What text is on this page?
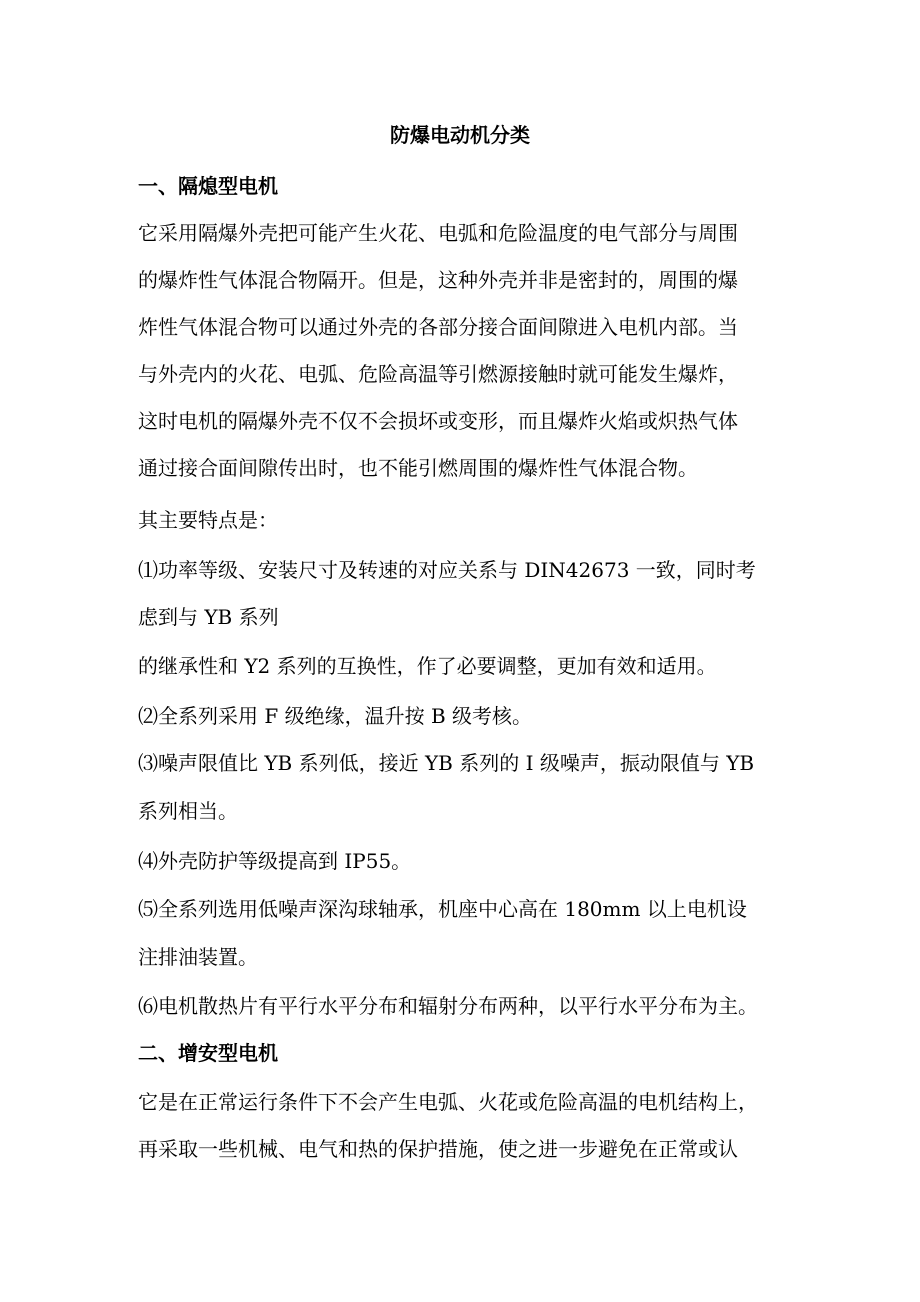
防爆电动机分类
一、隔熄型电机
它采用隔爆外壳把可能产生火花、电弧和危险温度的电气部分与周围
的爆炸性气体混合物隔开。但是，这种外壳并非是密封的，周围的爆
炸性气体混合物可以通过外壳的各部分接合面间隙进入电机内部。当
与外壳内的火花、电弧、危险高温等引燃源接触时就可能发生爆炸，
这时电机的隔爆外壳不仅不会损坏或变形，而且爆炸火焰或炽热气体
通过接合面间隙传出时，也不能引燃周围的爆炸性气体混合物。
其主要特点是：
⑴功率等级、安装尺寸及转速的对应关系与 DIN42673 一致，同时考
虑到与 YB 系列
的继承性和 Y2 系列的互换性，作了必要调整，更加有效和适用。
⑵全系列采用 F 级绝缘，温升按 B 级考核。
⑶噪声限值比 YB 系列低，接近 YB 系列的 I 级噪声，振动限值与 YB
系列相当。
⑷外壳防护等级提高到 IP55。
⑸全系列选用低噪声深沟球轴承，机座中心高在 180mm 以上电机设
注排油装置。
⑹电机散热片有平行水平分布和辐射分布两种，以平行水平分布为主。
二、增安型电机
它是在正常运行条件下不会产生电弧、火花或危险高温的电机结构上，
再采取一些机械、电气和热的保护措施，使之进一步避免在正常或认
